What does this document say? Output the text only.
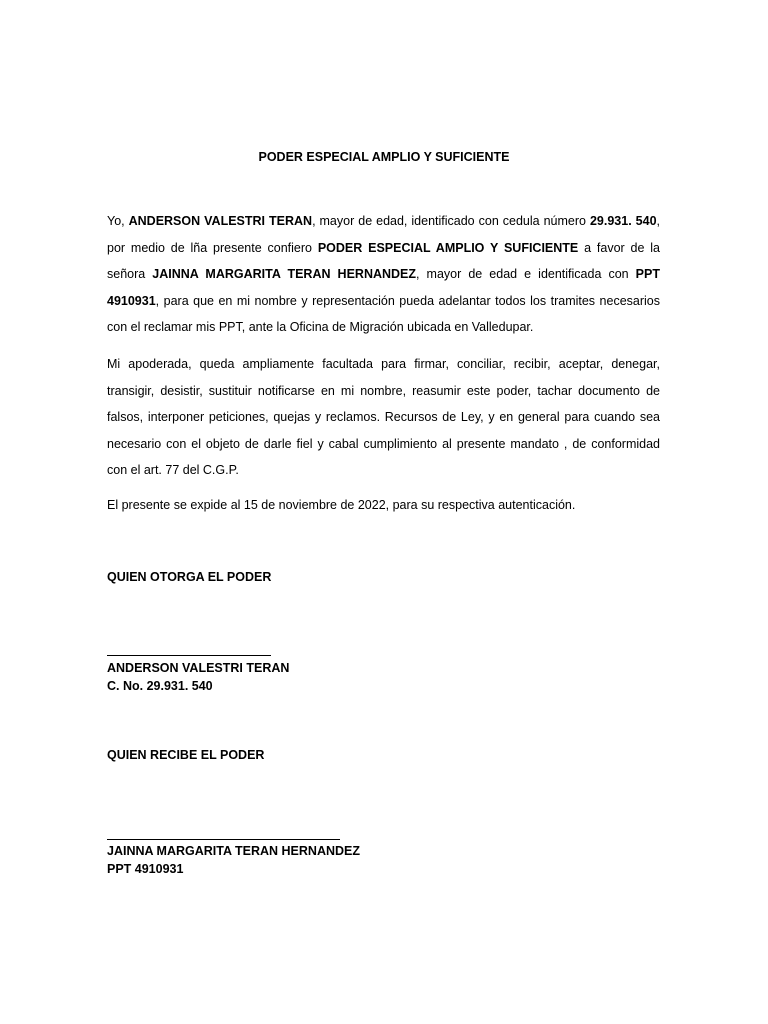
PODER ESPECIAL AMPLIO Y SUFICIENTE
Yo, ANDERSON VALESTRI TERAN, mayor de edad, identificado con cedula número 29.931. 540, por medio de lña presente confiero PODER ESPECIAL AMPLIO Y SUFICIENTE a favor de la señora JAINNA MARGARITA TERAN HERNANDEZ, mayor de edad e identificada con PPT 4910931, para que en mi nombre y representación pueda adelantar todos los tramites necesarios con el reclamar mis PPT, ante la Oficina de Migración ubicada en Valledupar.
Mi apoderada, queda ampliamente facultada para firmar, conciliar, recibir, aceptar, denegar, transigir, desistir, sustituir notificarse en mi nombre, reasumir este poder, tachar documento de falsos, interponer peticiones, quejas y reclamos. Recursos de Ley, y en general para cuando sea necesario con el objeto de darle fiel y cabal cumplimiento al presente mandato , de conformidad con el art. 77 del C.G.P.
El presente se expide al 15 de noviembre de 2022, para su respectiva autenticación.
QUIEN OTORGA EL PODER
ANDERSON VALESTRI TERAN
C. No. 29.931. 540
QUIEN RECIBE EL PODER
JAINNA MARGARITA TERAN HERNANDEZ
PPT 4910931
